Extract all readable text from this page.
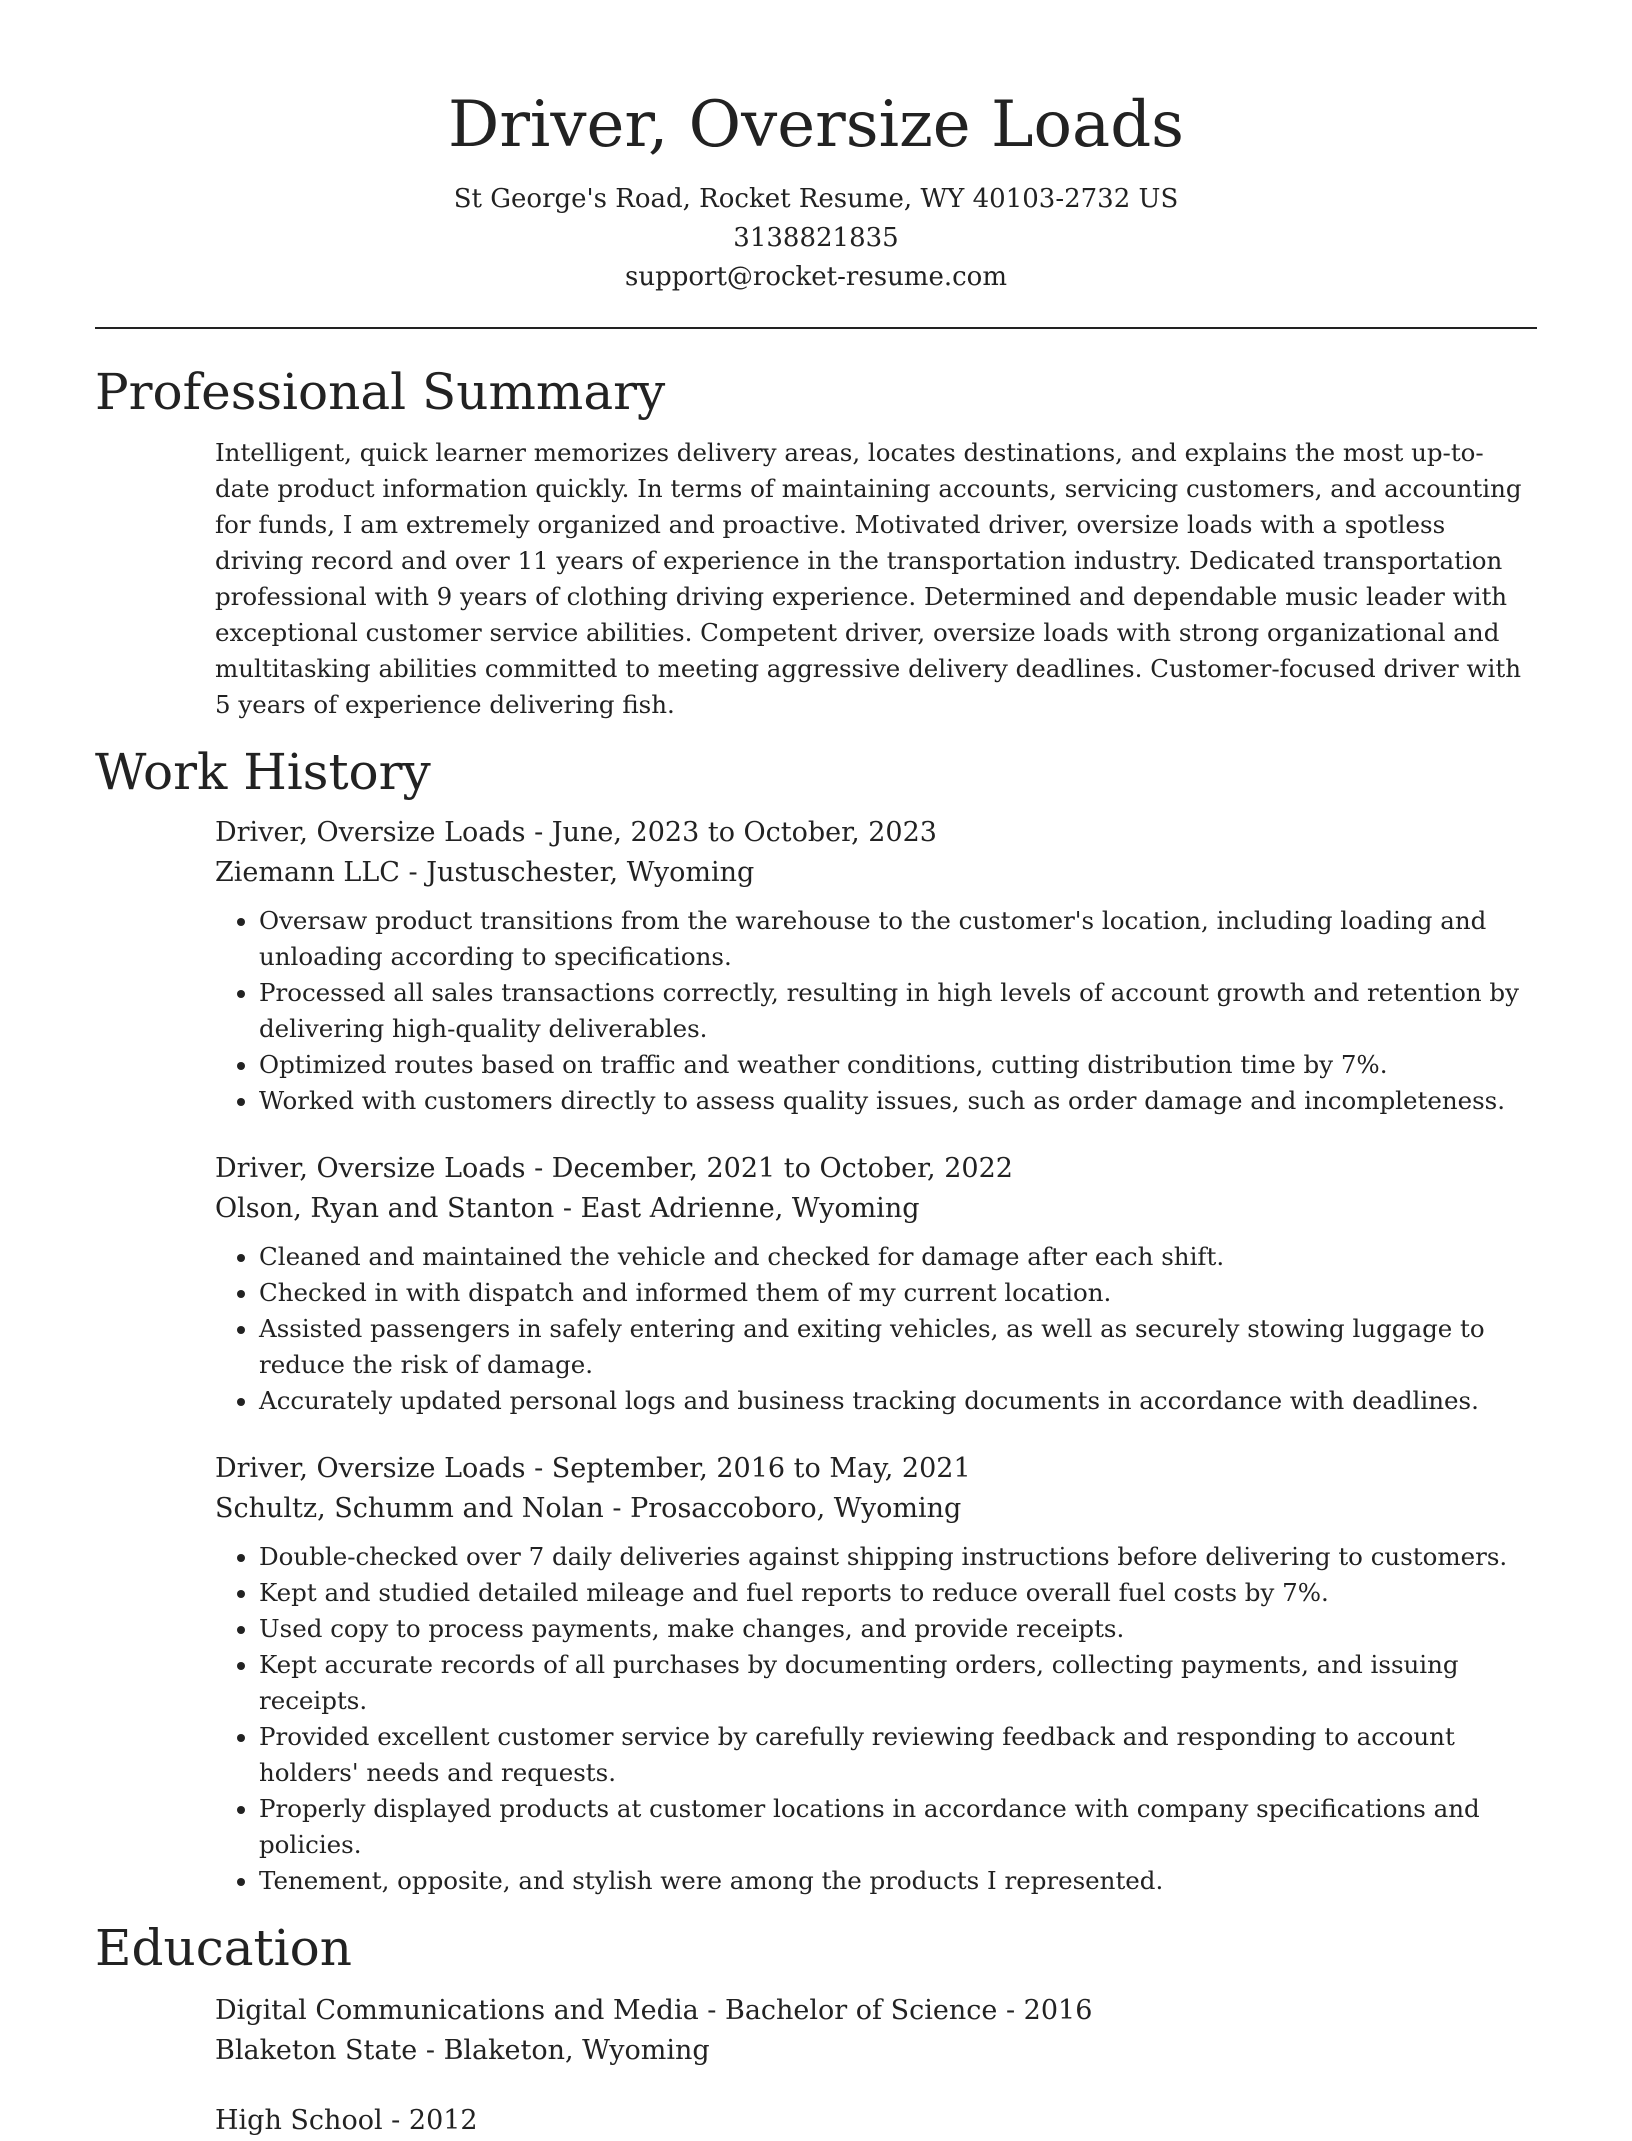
Driver, Oversize Loads

St George's Road, Rocket Resume, WY 40103-2732 US

3138821835

support@rocket-resume.com

Professional Summary

Intelligent, quick learner memorizes delivery areas, locates destinations, and explains the most up-to-date product information quickly. In terms of maintaining accounts, servicing customers, and accounting for funds, I am extremely organized and proactive. Motivated driver, oversize loads with a spotless driving record and over 11 years of experience in the transportation industry. Dedicated transportation professional with 9 years of clothing driving experience. Determined and dependable music leader with exceptional customer service abilities. Competent driver, oversize loads with strong organizational and multitasking abilities committed to meeting aggressive delivery deadlines. Customer-focused driver with 5 years of experience delivering fish.

Work History

Driver, Oversize Loads - June, 2023 to October, 2023

Ziemann LLC - Justuschester, Wyoming

• Oversaw product transitions from the warehouse to the customer's location, including loading and unloading according to specifications.
• Processed all sales transactions correctly, resulting in high levels of account growth and retention by delivering high-quality deliverables.
• Optimized routes based on traffic and weather conditions, cutting distribution time by 7%.
• Worked with customers directly to assess quality issues, such as order damage and incompleteness.

Driver, Oversize Loads - December, 2021 to October, 2022

Olson, Ryan and Stanton - East Adrienne, Wyoming

• Cleaned and maintained the vehicle and checked for damage after each shift.
• Checked in with dispatch and informed them of my current location.
• Assisted passengers in safely entering and exiting vehicles, as well as securely stowing luggage to reduce the risk of damage.
• Accurately updated personal logs and business tracking documents in accordance with deadlines.

Driver, Oversize Loads - September, 2016 to May, 2021

Schultz, Schumm and Nolan - Prosaccoboro, Wyoming

• Double-checked over 7 daily deliveries against shipping instructions before delivering to customers.
• Kept and studied detailed mileage and fuel reports to reduce overall fuel costs by 7%.
• Used copy to process payments, make changes, and provide receipts.
• Kept accurate records of all purchases by documenting orders, collecting payments, and issuing receipts.
• Provided excellent customer service by carefully reviewing feedback and responding to account holders' needs and requests.
• Properly displayed products at customer locations in accordance with company specifications and policies.
• Tenement, opposite, and stylish were among the products I represented.
Education

Digital Communications and Media - Bachelor of Science - 2016

Blaketon State - Blaketon, Wyoming

High School - 2012
